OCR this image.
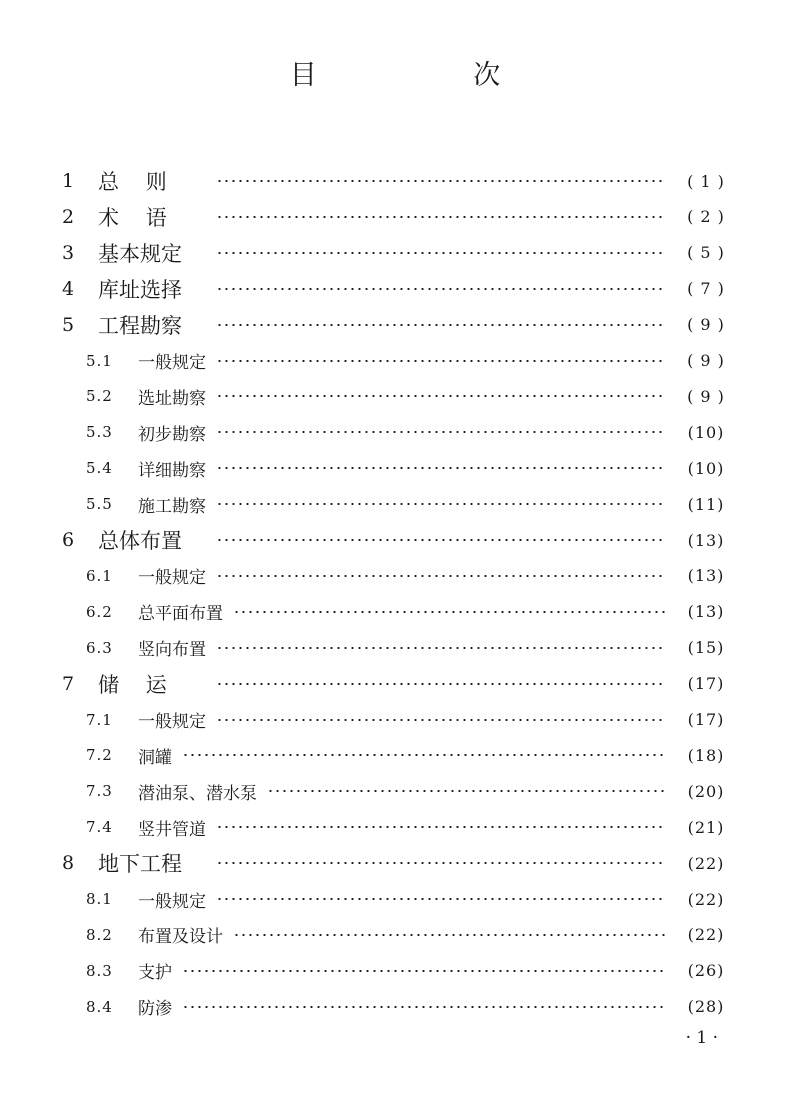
目 次
1 总    则	( 1 )
2 术    语	( 2 )
3 基本规定	( 5 )
4 库址选择	( 7 )
5 工程勘察	( 9 )
5.1 一般规定	( 9 )
5.2 选址勘察	( 9 )
5.3 初步勘察	(10)
5.4 详细勘察	(10)
5.5 施工勘察	(11)
6 总体布置	(13)
6.1 一般规定	(13)
6.2 总平面布置	(13)
6.3 竖向布置	(15)
7 储    运	(17)
7.1 一般规定	(17)
7.2 洞罐	(18)
7.3 潜油泵、潜水泵	(20)
7.4 竖井管道	(21)
8 地下工程	(22)
8.1 一般规定	(22)
8.2 布置及设计	(22)
8.3 支护	(26)
8.4 防渗	(28)
· 1 ·
